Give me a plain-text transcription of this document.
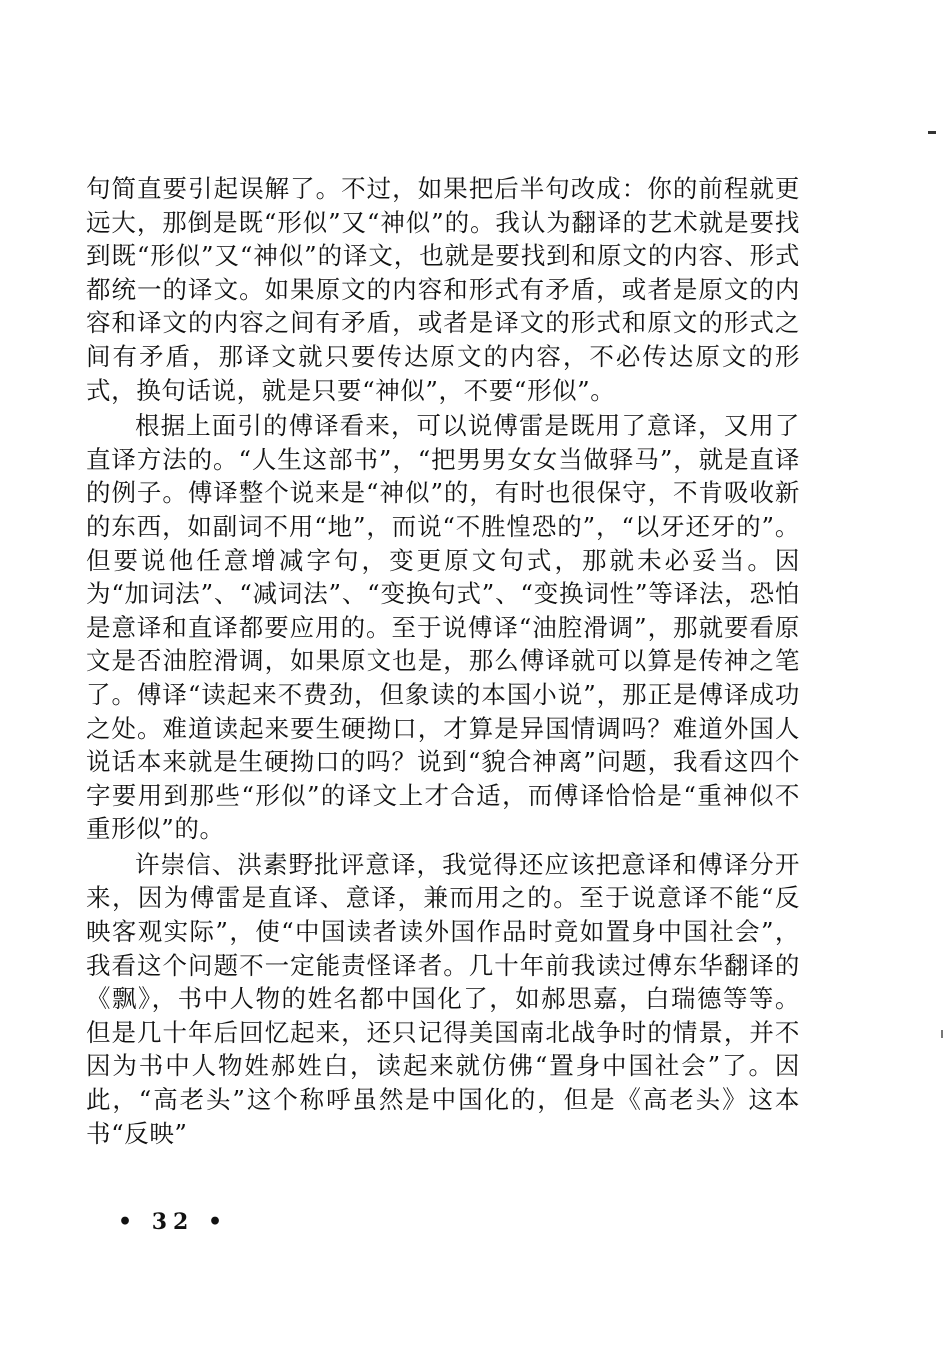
句简直要引起误解了。不过，如果把后半句改成：你的前程就更远大，那倒是既“形似”又“神似”的。我认为翻译的艺术就是要找到既“形似”又“神似”的译文，也就是要找到和原文的内容、形式都统一的译文。如果原文的内容和形式有矛盾，或者是原文的内容和译文的内容之间有矛盾，或者是译文的形式和原文的形式之间有矛盾，那译文就只要传达原文的内容，不必传达原文的形式，换句话说，就是只要“神似”，不要“形似”。

根据上面引的傅译看来，可以说傅雷是既用了意译，又用了直译方法的。“人生这部书”，“把男男女女当做驿马”，就是直译的例子。傅译整个说来是“神似”的，有时也很保守，不肯吸收新的东西，如副词不用“地”，而说“不胜惶恐的”，“以牙还牙的”。但要说他任意增减字句，变更原文句式，那就未必妥当。因为“加词法”、“减词法”、“变换句式”、“变换词性”等译法，恐怕是意译和直译都要应用的。至于说傅译“油腔滑调”，那就要看原文是否油腔滑调，如果原文也是，那么傅译就可以算是传神之笔了。傅译“读起来不费劲，但象读的本国小说”，那正是傅译成功之处。难道读起来要生硬拗口，才算是异国情调吗？难道外国人说话本来就是生硬拗口的吗？说到“貌合神离”问题，我看这四个字要用到那些“形似”的译文上才合适，而傅译恰恰是“重神似不重形似”的。

许崇信、洪素野批评意译，我觉得还应该把意译和傅译分开来，因为傅雷是直译、意译，兼而用之的。至于说意译不能“反映客观实际”，使“中国读者读外国作品时竟如置身中国社会”，我看这个问题不一定能责怪译者。几十年前我读过傅东华翻译的《飘》，书中人物的姓名都中国化了，如郝思嘉，白瑞德等等。但是几十年后回忆起来，还只记得美国南北战争时的情景，并不因为书中人物姓郝姓白，读起来就仿佛“置身中国社会”了。因此，“高老头”这个称呼虽然是中国化的，但是《高老头》这本书“反映”

• 32 •
